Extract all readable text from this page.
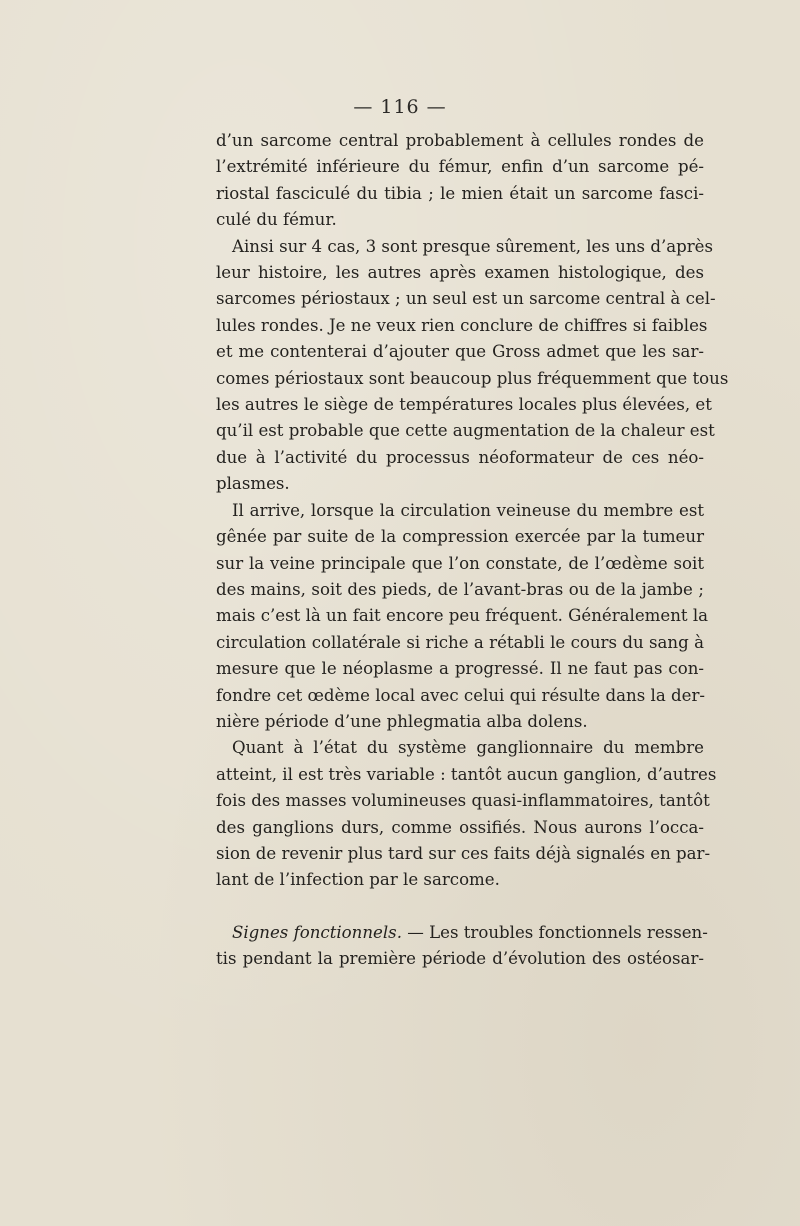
— 116 —
d’un sarcome central probablement à cellules rondes de
l’extrémité inférieure du fémur, enfin d’un sarcome pé-
riostal fasciculé du tibia ; le mien était un sarcome fasci-
culé du fémur.
Ainsi sur 4 cas, 3 sont presque sûrement, les uns d’après
leur histoire, les autres après examen histologique, des
sarcomes périostaux ; un seul est un sarcome central à cel-
lules rondes. Je ne veux rien conclure de chiffres si faibles
et me contenterai d’ajouter que Gross admet que les sar-
comes périostaux sont beaucoup plus fréquemment que tous
les autres le siège de températures locales plus élevées, et
qu’il est probable que cette augmentation de la chaleur est
due à l’activité du processus néoformateur de ces néo-
plasmes.
Il arrive, lorsque la circulation veineuse du membre est
gênée par suite de la compression exercée par la tumeur
sur la veine principale que l’on constate, de l’œdème soit
des mains, soit des pieds, de l’avant-bras ou de la jambe ;
mais c’est là un fait encore peu fréquent. Généralement la
circulation collatérale si riche a rétabli le cours du sang à
mesure que le néoplasme a progressé. Il ne faut pas con-
fondre cet œdème local avec celui qui résulte dans la der-
nière période d’une phlegmatia alba dolens.
Quant à l’état du système ganglionnaire du membre
atteint, il est très variable : tantôt aucun ganglion, d’autres
fois des masses volumineuses quasi-inflammatoires, tantôt
des ganglions durs, comme ossifiés. Nous aurons l’occa-
sion de revenir plus tard sur ces faits déjà signalés en par-
lant de l’infection par le sarcome.
Signes fonctionnels. — Les troubles fonctionnels ressen-
tis pendant la première période d’évolution des ostéosar-
